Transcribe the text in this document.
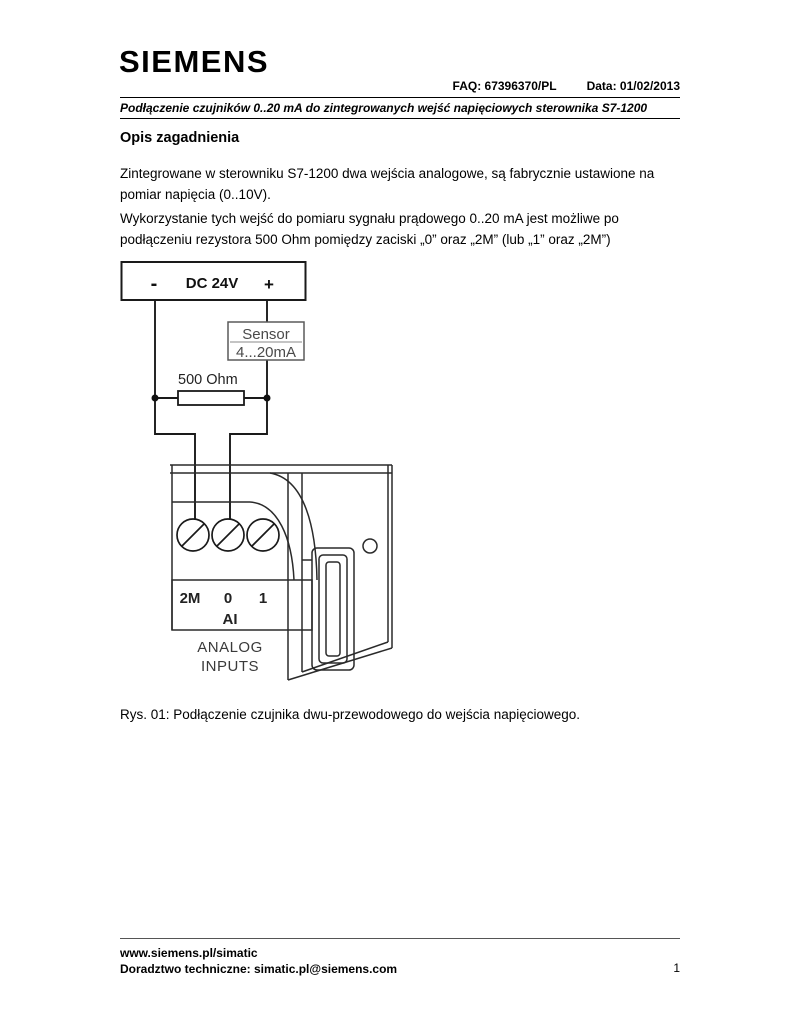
SIEMENS
FAQ: 67396370/PL	Data: 01/02/2013
Podłączenie czujników 0..20 mA do zintegrowanych wejść napięciowych sterownika S7-1200
Opis zagadnienia
Zintegrowane w sterowniku S7-1200 dwa wejścia analogowe, są fabrycznie ustawione na pomiar napięcia (0..10V).
Wykorzystanie tych wejść do pomiaru sygnału prądowego 0..20 mA jest możliwe po podłączeniu rezystora 500 Ohm pomiędzy zaciski „0” oraz „2M” (lub „1” oraz „2M”)
- DC 24V +
500 Ohm
Sensor
4...20mA
2M 0 1
AI
ANALOG
INPUTS
Rys. 01: Podłączenie czujnika dwu-przewodowego do wejścia napięciowego.
www.siemens.pl/simatic
Doradztwo techniczne: simatic.pl@siemens.com	1
